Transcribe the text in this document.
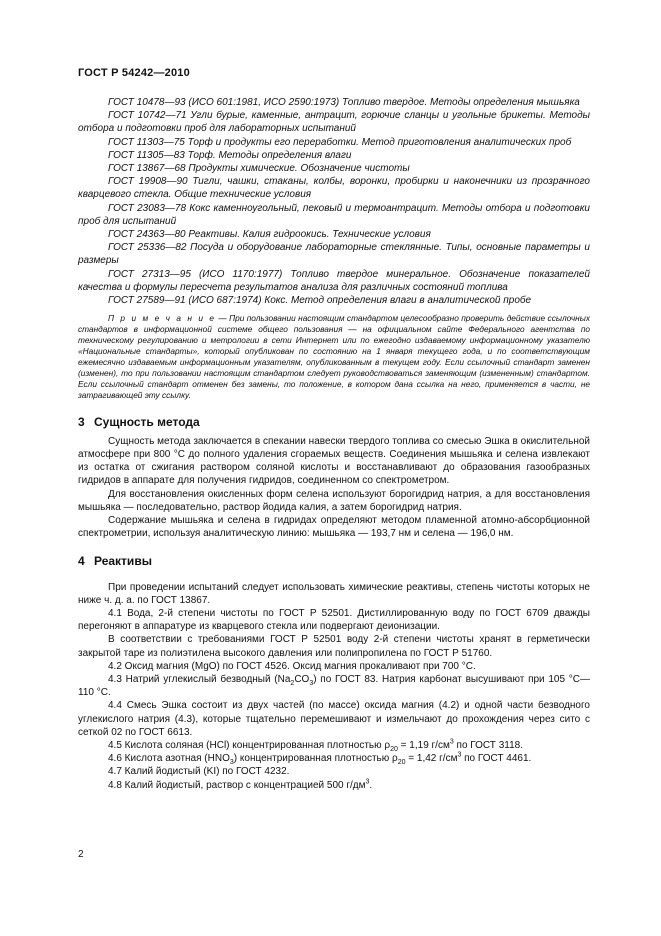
ГОСТ Р 54242—2010

ГОСТ 10478—93 (ИСО 601:1981, ИСО 2590:1973) Топливо твердое. Методы определения мышьяка

ГОСТ 10742—71 Угли бурые, каменные, антрацит, горючие сланцы и угольные брикеты. Методы отбора и подготовки проб для лабораторных испытаний

ГОСТ 11303—75 Торф и продукты его переработки. Метод приготовления аналитических проб

ГОСТ 11305—83 Торф. Методы определения влаги

ГОСТ 13867—68 Продукты химические. Обозначение чистоты

ГОСТ 19908—90 Тигли, чашки, стаканы, колбы, воронки, пробирки и наконечники из прозрачного кварцевого стекла. Общие технические условия

ГОСТ 23083—78 Кокс каменноугольный, пековый и термоантрацит. Методы отбора и подготовки проб для испытаний

ГОСТ 24363—80 Реактивы. Калия гидроокись. Технические условия

ГОСТ 25336—82 Посуда и оборудование лабораторные стеклянные. Типы, основные параметры и размеры

ГОСТ 27313—95 (ИСО 1170:1977) Топливо твердое минеральное. Обозначение показателей качества и формулы пересчета результатов анализа для различных состояний топлива

ГОСТ 27589—91 (ИСО 687:1974) Кокс. Метод определения влаги в аналитической пробе

П р и м е ч а н и е — При пользовании настоящим стандартом целесообразно проверить действие ссылочных стандартов в информационной системе общего пользования — на официальном сайте Федерального агентства по техническому регулированию и метрологии в сети Интернет или по ежегодно издаваемому информационному указателю «Национальные стандарты», который опубликован по состоянию на 1 января текущего года, и по соответствующим ежемесячно издаваемым информационным указателям, опубликованным в текущем году. Если ссылочный стандарт заменен (изменен), то при пользовании настоящим стандартом следует руководствоваться заменяющим (измененным) стандартом. Если ссылочный стандарт отменен без замены, то положение, в котором дана ссылка на него, применяется в части, не затрагивающей эту ссылку.

3 Сущность метода

Сущность метода заключается в спекании навески твердого топлива со смесью Эшка в окислительной атмосфере при 800 °С до полного удаления сгораемых веществ. Соединения мышьяка и селена извлекают из остатка от сжигания раствором соляной кислоты и восстанавливают до образования газообразных гидридов в аппарате для получения гидридов, соединенном со спектрометром.

Для восстановления окисленных форм селена используют борогидрид натрия, а для восстановления мышьяка — последовательно, раствор йодида калия, а затем борогидрид натрия.

Содержание мышьяка и селена в гидридах определяют методом пламенной атомно-абсорбционной спектрометрии, используя аналитическую линию: мышьяка — 193,7 нм и селена — 196,0 нм.

4 Реактивы

При проведении испытаний следует использовать химические реактивы, степень чистоты которых не ниже ч. д. а. по ГОСТ 13867.

4.1 Вода, 2-й степени чистоты по ГОСТ Р 52501. Дистиллированную воду по ГОСТ 6709 дважды перегоняют в аппаратуре из кварцевого стекла или подвергают деионизации.

В соответствии с требованиями ГОСТ Р 52501 воду 2-й степени чистоты хранят в герметически закрытой таре из полиэтилена высокого давления или полипропилена по ГОСТ Р 51760.

4.2 Оксид магния (MgO) по ГОСТ 4526. Оксид магния прокаливают при 700 °С.

4.3 Натрий углекислый безводный $(Na_2CO_3)$ по ГОСТ 83. Натрия карбонат высушивают при 105 °С—110 °С.

4.4 Смесь Эшка состоит из двух частей (по массе) оксида магния (4.2) и одной части безводного углекислого натрия (4.3), которые тщательно перемешивают и измельчают до прохождения через сито с сеткой 02 по ГОСТ 6613.

4.5 Кислота соляная (HCl) концентрированная плотностью $\rho_{20} = 1,19$ $г/см^3$ по ГОСТ 3118.

4.6 Кислота азотная $(HNO_3)$ концентрированная плотностью $\rho_{20} = 1,42$ $г/см^3$ по ГОСТ 4461.

4.7 Калий йодистый (KI) по ГОСТ 4232.

4.8 Калий йодистый, раствор с концентрацией 500 $г/дм^3$.

2
